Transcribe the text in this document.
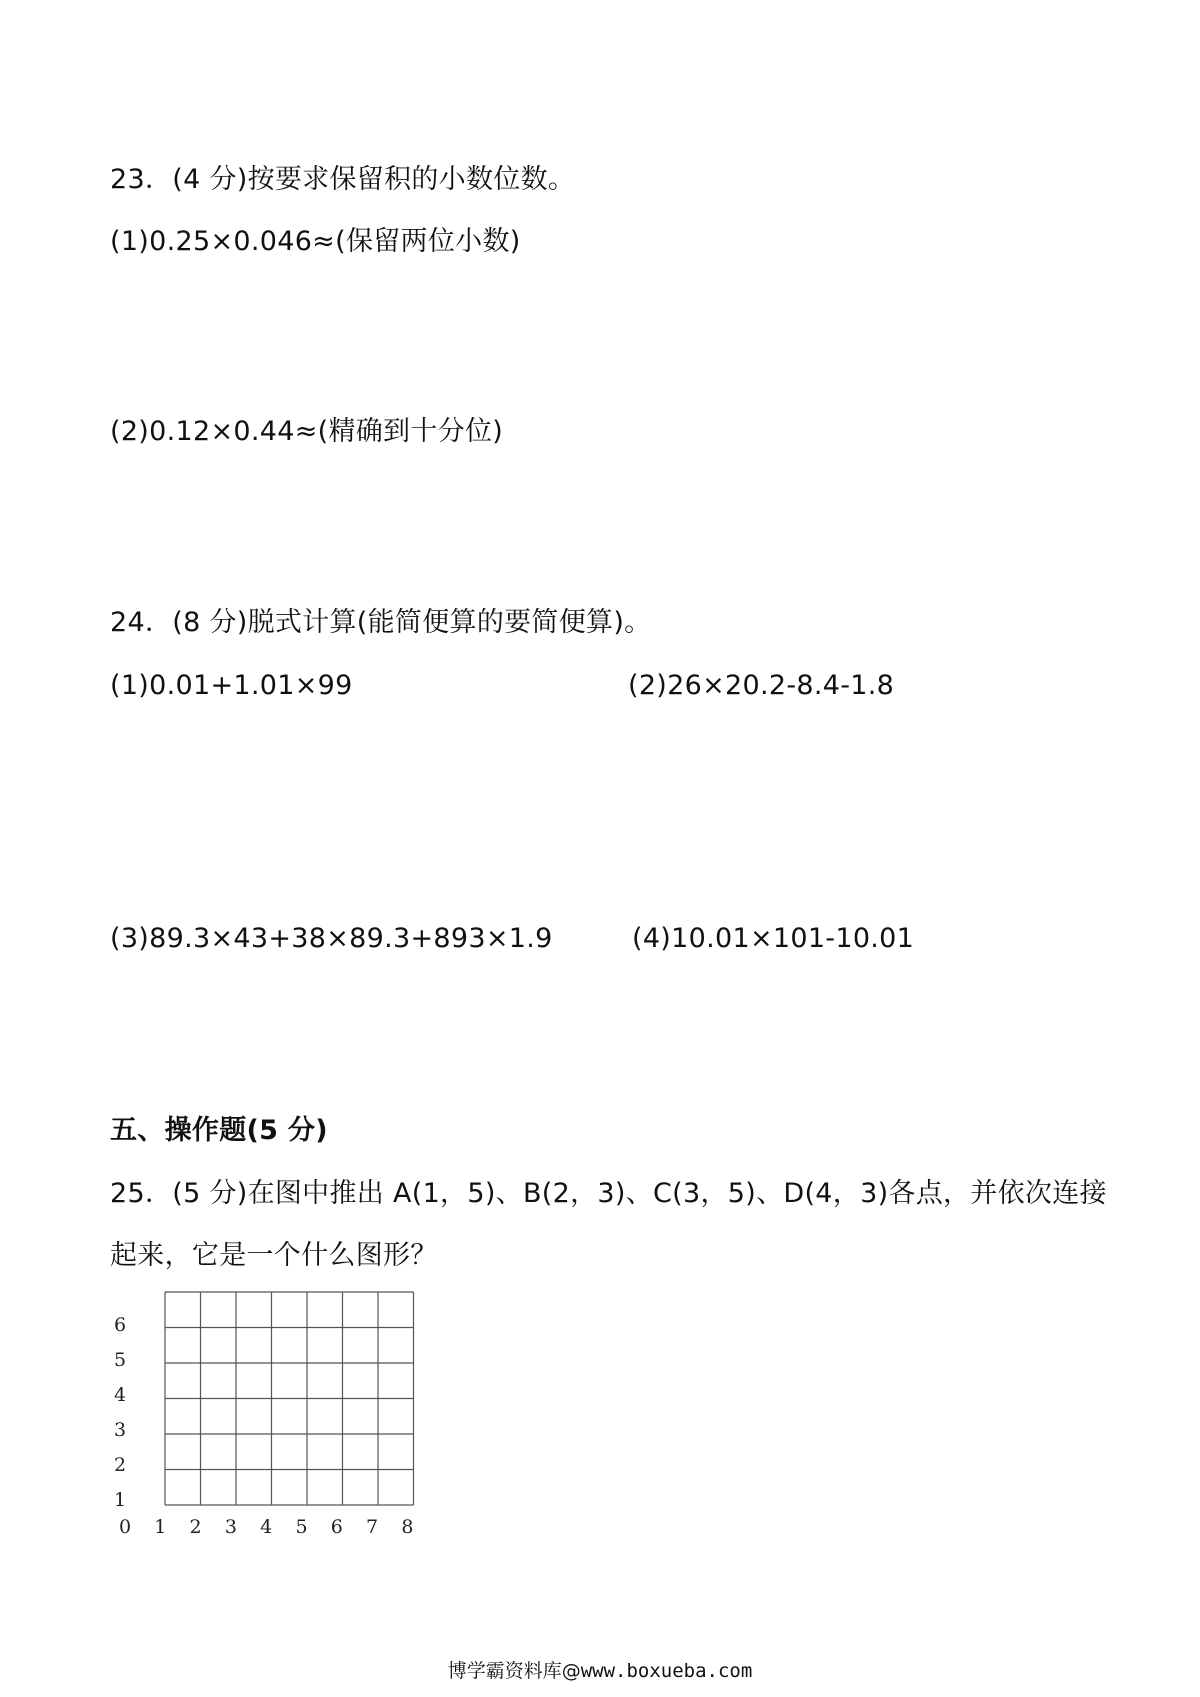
23．(4 分)按要求保留积的小数位数。
(1)0.25×0.046≈(保留两位小数)
(2)0.12×0.44≈(精确到十分位)
24．(8 分)脱式计算(能简便算的要简便算)。
(1)0.01+1.01×99	(2)26×20.2-8.4-1.8
(3)89.3×43+38×89.3+893×1.9	(4)10.01×101-10.01
五、操作题(5 分)
25．(5 分)在图中推出 A(1，5)、B(2，3)、C(3，5)、D(4，3)各点，并依次连接
起来，它是一个什么图形？
0 1 2 3 4 5 6 7 8
1
2
3
4
5
6
博学霸资料库@www.boxueba.com
